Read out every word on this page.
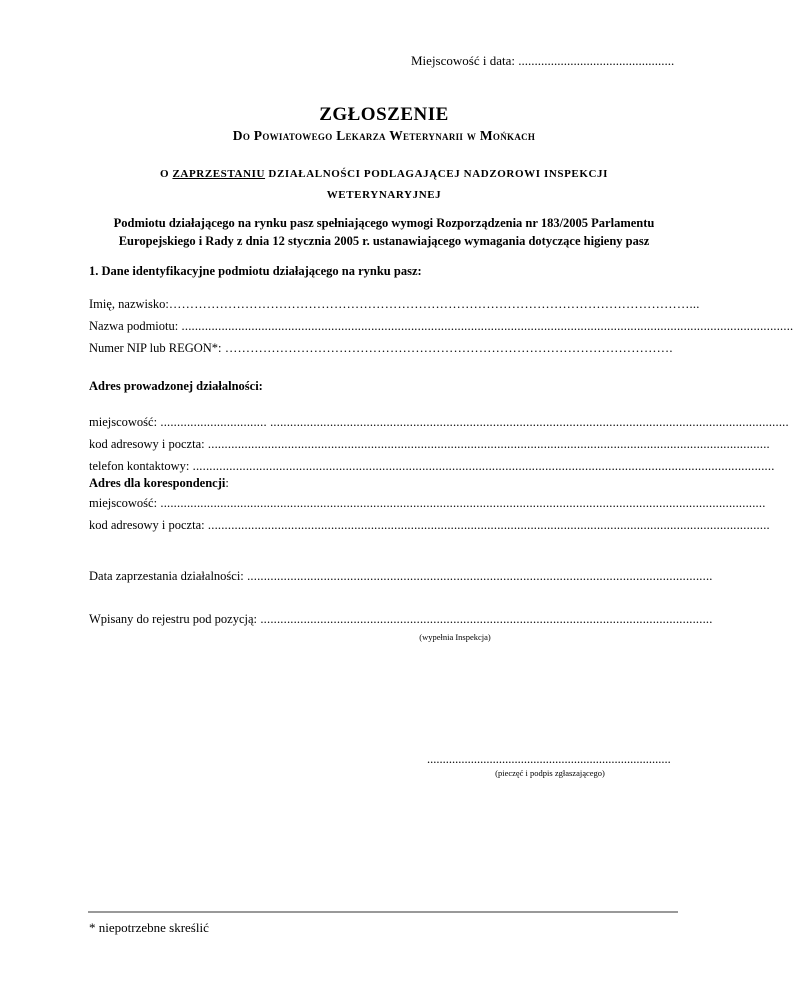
Miejscowość i data: ................................................
ZGŁOSZENIE
Do Powiatowego Lekarza Weterynarii w Mońkach
O ZAPRZESTANIU DZIAŁALNOŚCI PODLAGAJĄCEJ NADZOROWI INSPEKCJI
WETERYNARYJNEJ
Podmiotu działającego na rynku pasz spełniającego wymogi Rozporządzenia nr 183/2005 Parlamentu Europejskiego i Rady z dnia 12 stycznia 2005 r. ustanawiającego wymagania dotyczące higieny pasz
1. Dane identyfikacyjne podmiotu działającego na rynku pasz:
Imię, nazwisko:……………………………………………………………………………………………………………...
Nazwa podmiotu: ........................................................................................................................................................................................
Numer NIP lub REGON*: …………………………………………………………………………………………….
Adres prowadzonej działalności:
miejscowość: ................................ ............................................................................................................................................................
kod adresowy i poczta: .........................................................................................................................................................................
telefon kontaktowy: ...............................................................................................................................................................................
Adres dla korespondencji:
miejscowość: ......................................................................................................................................................................................
kod adresowy i poczta: .........................................................................................................................................................................
Data zaprzestania działalności: ............................................................................................................................................
Wpisany do rejestru pod pozycją: ........................................................................................................................................
(wypełnia Inspekcja)
..............................................................................
(pieczęć i podpis zgłaszającego)
* niepotrzebne skreślić
